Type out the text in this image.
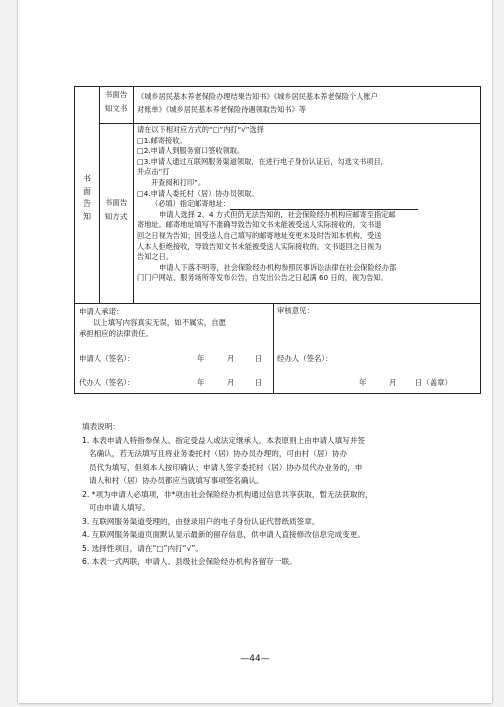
书
面
告
知
书面告
知文书
《城乡居民基本养老保险办理结果告知书》《城乡居民基本养老保险个人账户
对账单》《城乡居民基本养老保险待遇领取告知书》等
书面告
知方式
请在以下相对应方式的“□”内打“√”选择
□1.邮寄接收。
□2.申请人到服务窗口签收领取。
□3.申请人通过互联网服务渠道领取，在进行电子身份认证后，勾选文书项目，
并点击“打
开查阅和打印”。
□4.申请人委托村（居）协办员领取。
（必填）指定邮寄地址：
申请人选择 2、4 方式但仍无法告知的，社会保险经办机构应邮寄至指定邮
寄地址。邮寄地址填写不准确导致告知文书未能被受送人实际接收的，文书退
回之日视为告知；因受送人自己填写的邮寄地址变更未及时告知本机构、受送
人本人拒绝接收，导致告知文书未能被受送人实际接收的，文书退回之日视为
告知之日。
申请人下落不明等，社会保险经办机构参照民事诉讼法律在社会保险经办部
门门户网站、服务场所等发布公告，自发出公告之日起满 60 日的，视为告知。
申请人承诺：
以上填写内容真实无误，如不属实，自愿
承担相应的法律责任。
申请人（签名）：	年	月	日
代办人（签名）：	年	月	日
审核意见：
经办人（签名）：
年	月	日（盖章）
填表说明：
1. 本表申请人特指参保人、指定受益人或法定继承人。本表原则上由申请人填写并签
名确认，若无法填写且将业务委托村（居）协办员办理的，可由村（居）协办
员代为填写，但须本人按印确认；申请人签字委托村（居）协办员代办业务的，申
请人和村（居）协办员都应当就填写事项签名确认。
2. *项为申请人必填项，非*项由社会保险经办机构通过信息共享获取，暂无法获取的，
可由申请人填写。
3. 互联网服务渠道受理的，由登录用户的电子身份认证代替纸质签章。
4. 互联网服务渠道页面默认显示最新的留存信息，供申请人直接修改信息完成变更。
5. 选择性项目，请在“□”内打“√”。
6. 本表一式两联，申请人、县级社会保险经办机构各留存一联。
—44—
